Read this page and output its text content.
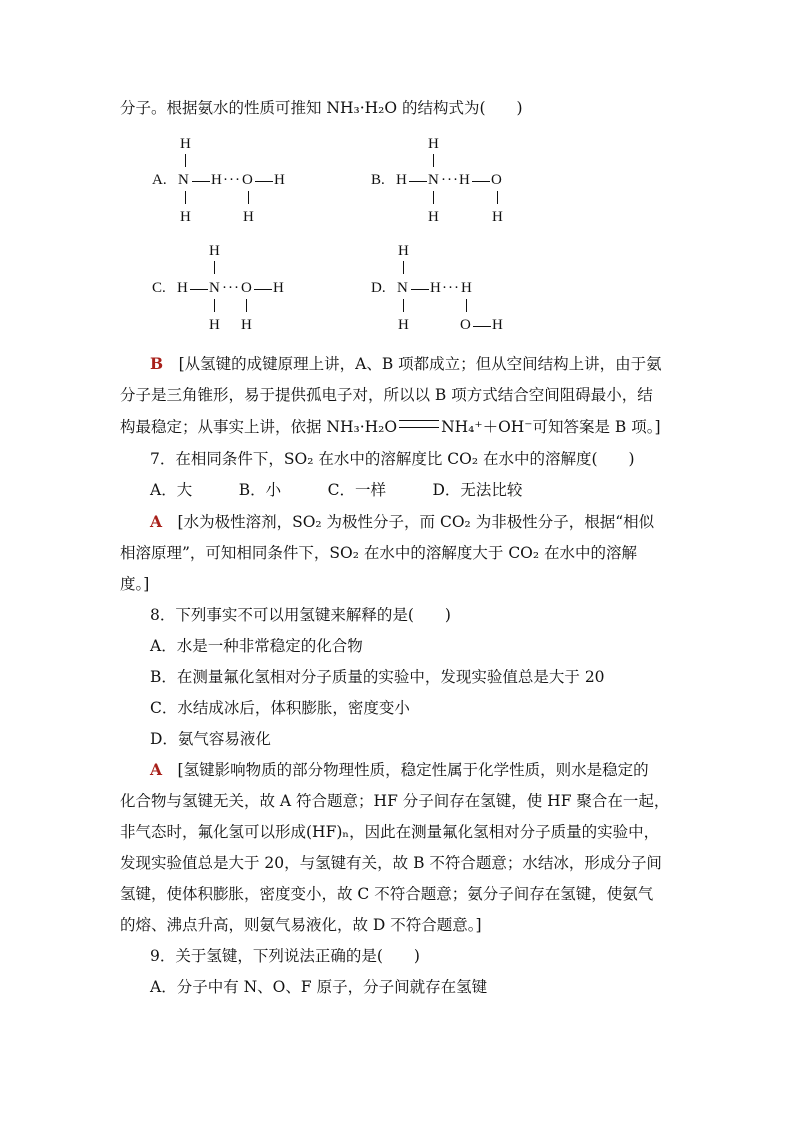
分子。根据氨水的性质可推知 NH₃·H₂O 的结构式为(　　)
A.
H
N H ··· O H
H	H
B.
H
H N ··· H O
H	H
C.
H
H N ··· O H
H H
D.
H
N H ··· H
H	O H
B　 [从氢键的成键原理上讲，A、B 项都成立；但从空间结构上讲，由于氨
分子是三角锥形，易于提供孤电子对，所以以 B 项方式结合空间阻碍最小，结
构最稳定；从事实上讲，依据 NH₃·H₂O	NH₄⁺＋OH⁻可知答案是 B 项。]
7．在相同条件下，SO₂ 在水中的溶解度比 CO₂ 在水中的溶解度(　　)
A．大　　　B．小　　　C．一样　　　D．无法比较
A　 [水为极性溶剂，SO₂ 为极性分子，而 CO₂ 为非极性分子，根据“相似
相溶原理”，可知相同条件下，SO₂ 在水中的溶解度大于 CO₂ 在水中的溶解
度。]
8．下列事实不可以用氢键来解释的是(　　)
A．水是一种非常稳定的化合物
B．在测量氟化氢相对分子质量的实验中，发现实验值总是大于 20
C．水结成冰后，体积膨胀，密度变小
D．氨气容易液化
A　 [氢键影响物质的部分物理性质，稳定性属于化学性质，则水是稳定的
化合物与氢键无关，故 A 符合题意；HF 分子间存在氢键，使 HF 聚合在一起，
非气态时，氟化氢可以形成(HF)ₙ，因此在测量氟化氢相对分子质量的实验中，
发现实验值总是大于 20，与氢键有关，故 B 不符合题意；水结冰，形成分子间
氢键，使体积膨胀，密度变小，故 C 不符合题意；氨分子间存在氢键，使氨气
的熔、沸点升高，则氨气易液化，故 D 不符合题意。]
9．关于氢键，下列说法正确的是(　　)
A．分子中有 N、O、F 原子，分子间就存在氢键
